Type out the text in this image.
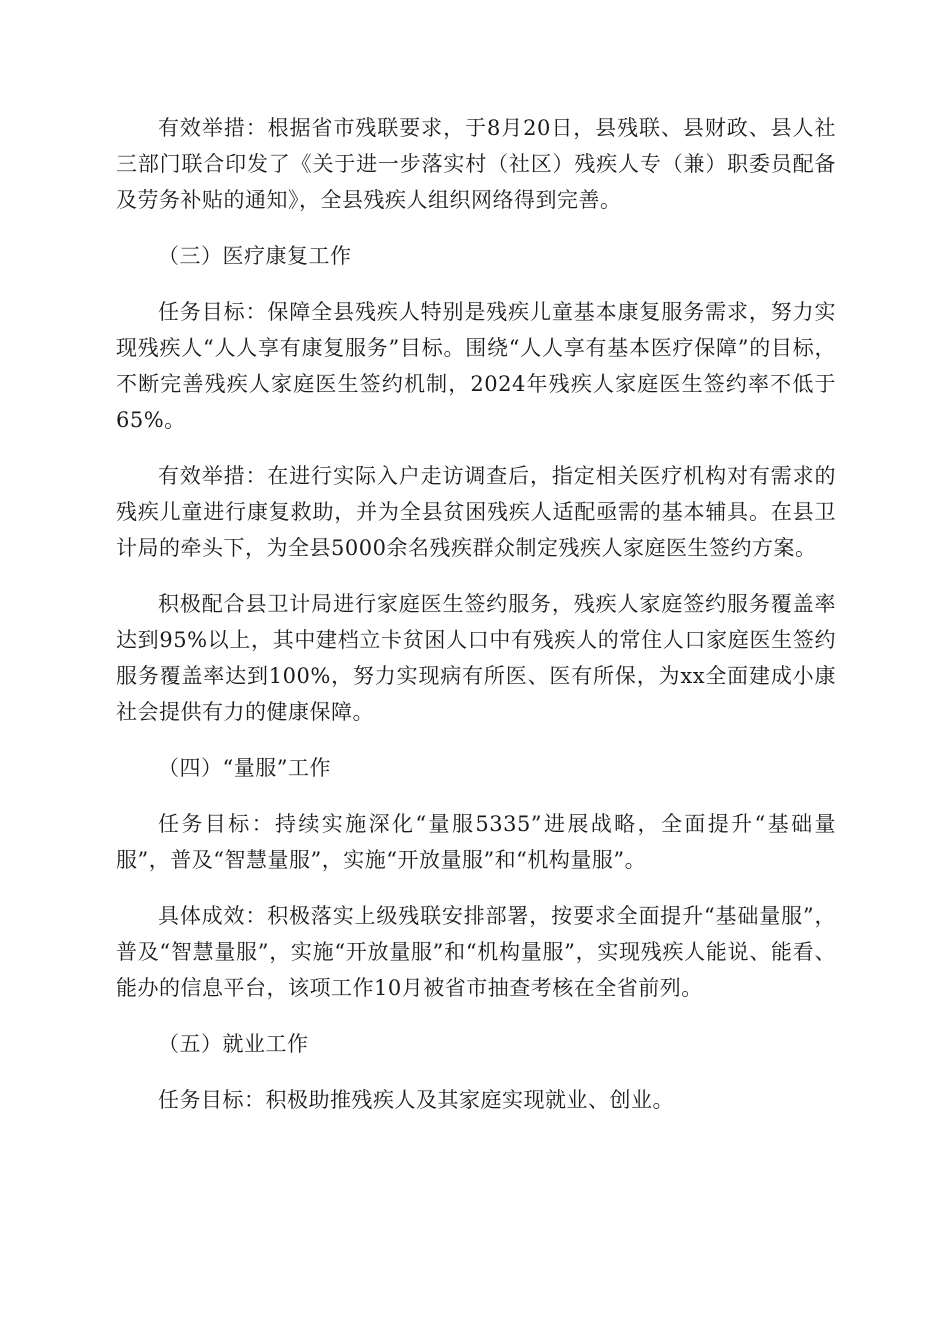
有效举措：根据省市残联要求，于8月20日，县残联、县财政、县人社三部门联合印发了《关于进一步落实村（社区）残疾人专（兼）职委员配备及劳务补贴的通知》，全县残疾人组织网络得到完善。

（三）医疗康复工作

任务目标：保障全县残疾人特别是残疾儿童基本康复服务需求，努力实现残疾人“人人享有康复服务”目标。围绕“人人享有基本医疗保障”的目标，不断完善残疾人家庭医生签约机制，2024年残疾人家庭医生签约率不低于65%。

有效举措：在进行实际入户走访调查后，指定相关医疗机构对有需求的残疾儿童进行康复救助，并为全县贫困残疾人适配亟需的基本辅具。在县卫计局的牵头下，为全县5000余名残疾群众制定残疾人家庭医生签约方案。

积极配合县卫计局进行家庭医生签约服务，残疾人家庭签约服务覆盖率达到95%以上，其中建档立卡贫困人口中有残疾人的常住人口家庭医生签约服务覆盖率达到100%，努力实现病有所医、医有所保，为xx全面建成小康社会提供有力的健康保障。

（四）“量服”工作

任务目标：持续实施深化“量服5335”进展战略，全面提升“基础量服”，普及“智慧量服”，实施“开放量服”和“机构量服”。

具体成效：积极落实上级残联安排部署，按要求全面提升“基础量服”，普及“智慧量服”，实施“开放量服”和“机构量服”，实现残疾人能说、能看、能办的信息平台，该项工作10月被省市抽查考核在全省前列。

（五）就业工作

任务目标：积极助推残疾人及其家庭实现就业、创业。
